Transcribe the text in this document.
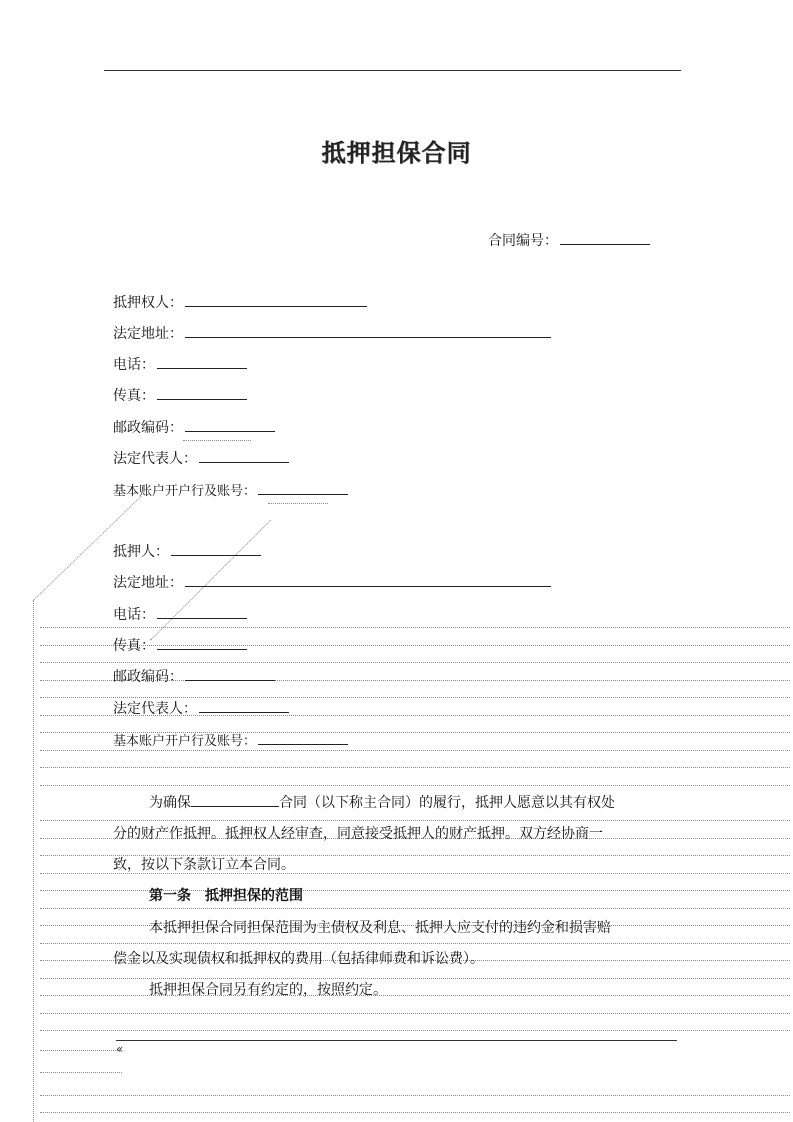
抵押担保合同
合同编号：
抵押权人：
法定地址：
电话：
传真：
邮政编码：
法定代表人：
基本账户开户行及账号：
抵押人：
法定地址：
电话：
传真：
邮政编码：
法定代表人：
基本账户开户行及账号：
为确保	合同（以下称主合同）的履行，抵押人愿意以其有权处
分的财产作抵押。抵押权人经审查，同意接受抵押人的财产抵押。双方经协商一
致，按以下条款订立本合同。
第一条　抵押担保的范围
本抵押担保合同担保范围为主债权及利息、抵押人应支付的违约金和损害赔
偿金以及实现债权和抵押权的费用（包括律师费和诉讼费）。
抵押担保合同另有约定的，按照约定。
«
